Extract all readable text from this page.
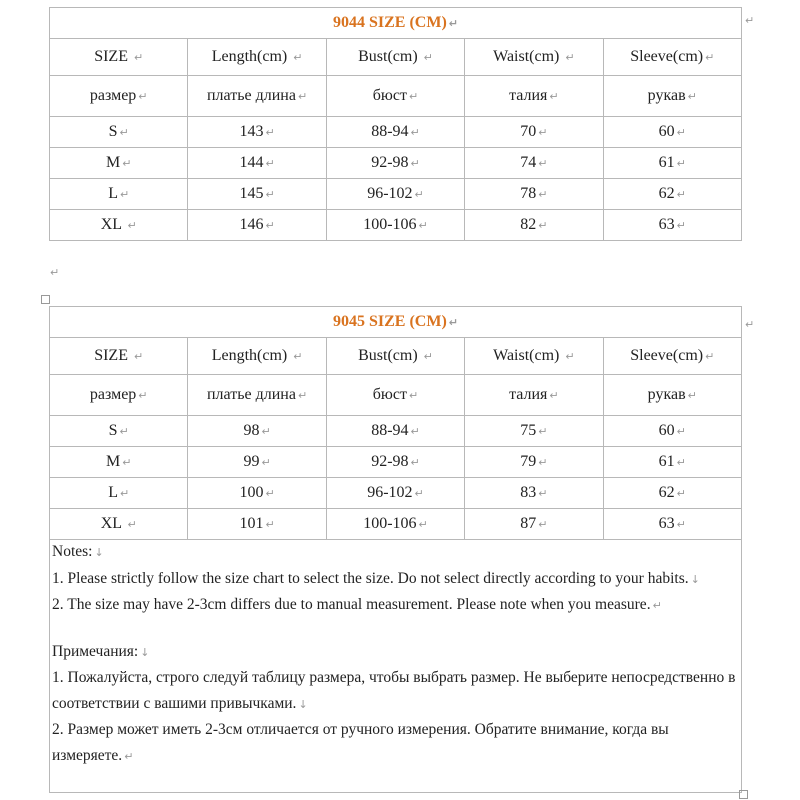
9044 SIZE (CM) ↵				
SIZE ↵	Length(cm) ↵	Bust(cm) ↵	Waist(cm) ↵	Sleeve(cm) ↵
размер ↵	платье длина ↵	бюст ↵	талия ↵	рукав ↵
S ↵	143 ↵	88-94 ↵	70 ↵	60 ↵
M ↵	144 ↵	92-98 ↵	74 ↵	61 ↵
L ↵	145 ↵	96-102 ↵	78 ↵	62 ↵
XL ↵	146 ↵	100-106 ↵	82 ↵	63 ↵
↵
9045 SIZE (CM) ↵				
SIZE ↵	Length(cm) ↵	Bust(cm) ↵	Waist(cm) ↵	Sleeve(cm) ↵
размер ↵	платье длина ↵	бюст ↵	талия ↵	рукав ↵
S ↵	98 ↵	88-94 ↵	75 ↵	60 ↵
M ↵	99 ↵	92-98 ↵	79 ↵	61 ↵
L ↵	100 ↵	96-102 ↵	83 ↵	62 ↵
XL ↵	101 ↵	100-106 ↵	87 ↵	63 ↵

Notes: ↓

1. Please strictly follow the size chart to select the size. Do not select directly according to your habits. ↓

2. The size may have 2-3cm differs due to manual measurement. Please note when you measure. ↵

Примечания: ↓

1. Пожалуйста, строго следуй таблицу размера, чтобы выбрать размер. Не выберите непосредственно в соответствии с вашими привычками. ↓

2. Размер может иметь 2-3см отличается от ручного измерения. Обратите внимание, когда вы измеряете. ↵

↵
↵
